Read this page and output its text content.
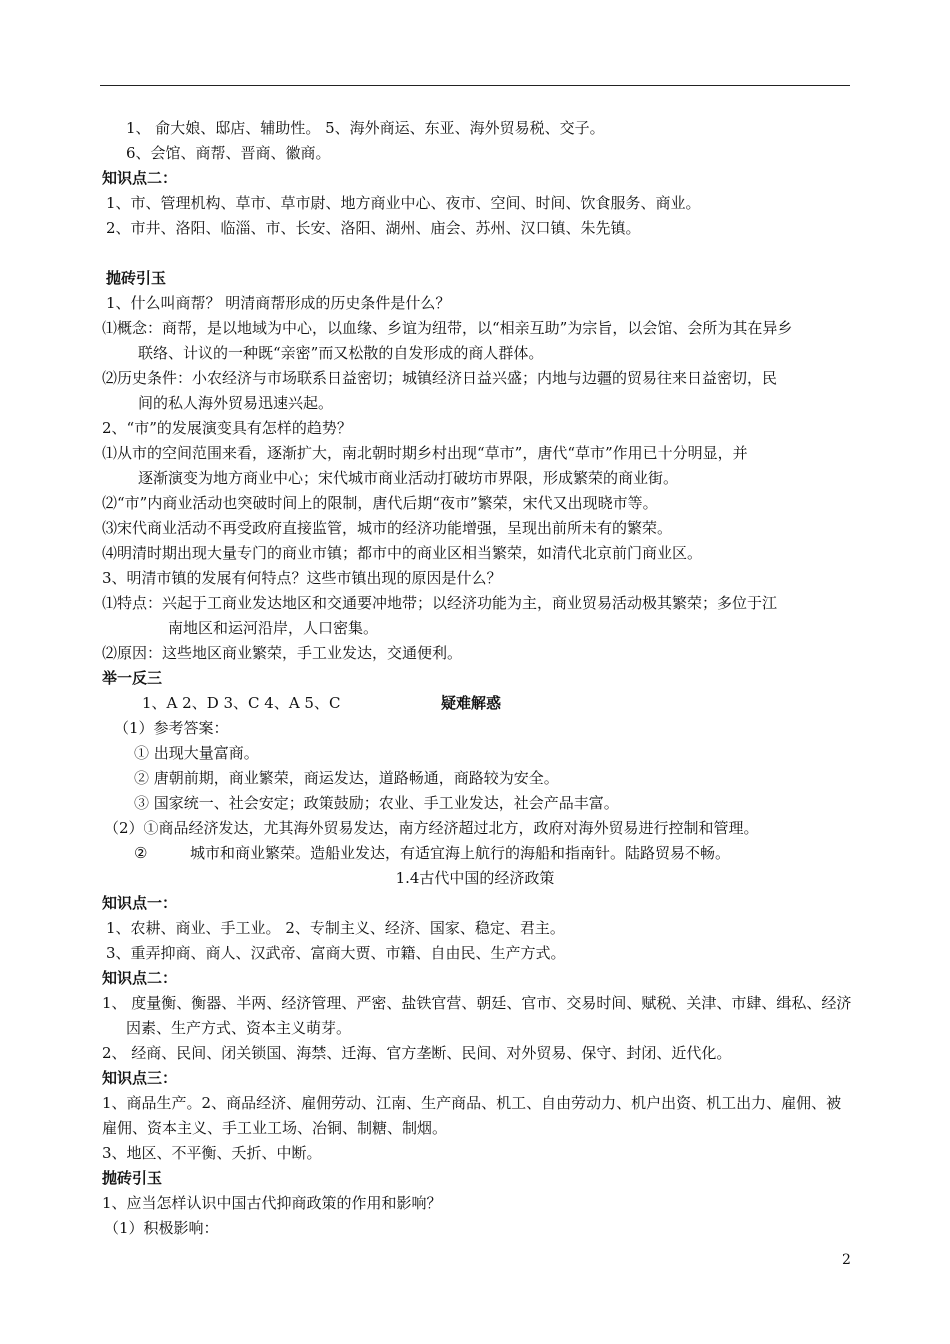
1、 俞大娘、邸店、辅助性。 5、海外商运、东亚、海外贸易税、交子。
6、会馆、商帮、晋商、徽商。
知识点二：
1、市、管理机构、草市、草市尉、地方商业中心、夜市、空间、时间、饮食服务、商业。
2、市井、洛阳、临淄、市、长安、洛阳、湖州、庙会、苏州、汉口镇、朱先镇。
抛砖引玉
1、什么叫商帮？ 明清商帮形成的历史条件是什么？
⑴概念：商帮，是以地域为中心，以血缘、乡谊为纽带，以“相亲互助”为宗旨，以会馆、会所为其在异乡
联络、计议的一种既“亲密”而又松散的自发形成的商人群体。
⑵历史条件：小农经济与市场联系日益密切；城镇经济日益兴盛；内地与边疆的贸易往来日益密切，民
间的私人海外贸易迅速兴起。
2、“市”的发展演变具有怎样的趋势？
⑴从市的空间范围来看，逐渐扩大，南北朝时期乡村出现“草市”，唐代“草市”作用已十分明显，并
逐渐演变为地方商业中心；宋代城市商业活动打破坊市界限，形成繁荣的商业街。
⑵“市”内商业活动也突破时间上的限制，唐代后期“夜市”繁荣，宋代又出现晓市等。
⑶宋代商业活动不再受政府直接监管，城市的经济功能增强，呈现出前所未有的繁荣。
⑷明清时期出现大量专门的商业市镇；都市中的商业区相当繁荣，如清代北京前门商业区。
3、明清市镇的发展有何特点？这些市镇出现的原因是什么？
⑴特点：兴起于工商业发达地区和交通要冲地带；以经济功能为主，商业贸易活动极其繁荣；多位于江
南地区和运河沿岸，人口密集。
⑵原因：这些地区商业繁荣，手工业发达，交通便利。
举一反三
1、A 2、D 3、C 4、A 5、C	疑难解惑
（1）参考答案：
① 出现大量富商。
② 唐朝前期，商业繁荣，商运发达，道路畅通，商路较为安全。
③ 国家统一、社会安定；政策鼓励；农业、手工业发达，社会产品丰富。
（2）①商品经济发达，尤其海外贸易发达，南方经济超过北方，政府对海外贸易进行控制和管理。
②	城市和商业繁荣。造船业发达，有适宜海上航行的海船和指南针。陆路贸易不畅。
1.4古代中国的经济政策
知识点一：
1、农耕、商业、手工业。 2、专制主义、经济、国家、稳定、君主。
3、重弄抑商、商人、汉武帝、富商大贾、市籍、自由民、生产方式。
知识点二：
1、 度量衡、衡器、半两、经济管理、严密、盐铁官营、朝廷、官市、交易时间、赋税、关津、市肆、缉私、经济
因素、生产方式、资本主义萌芽。
2、 经商、民间、闭关锁国、海禁、迁海、官方垄断、民间、对外贸易、保守、封闭、近代化。
知识点三：
1、商品生产。2、商品经济、雇佣劳动、江南、生产商品、机工、自由劳动力、机户出资、机工出力、雇佣、被
雇佣、资本主义、手工业工场、冶铜、制糖、制烟。
3、地区、不平衡、夭折、中断。
抛砖引玉
1、应当怎样认识中国古代抑商政策的作用和影响？
（1）积极影响：
2
